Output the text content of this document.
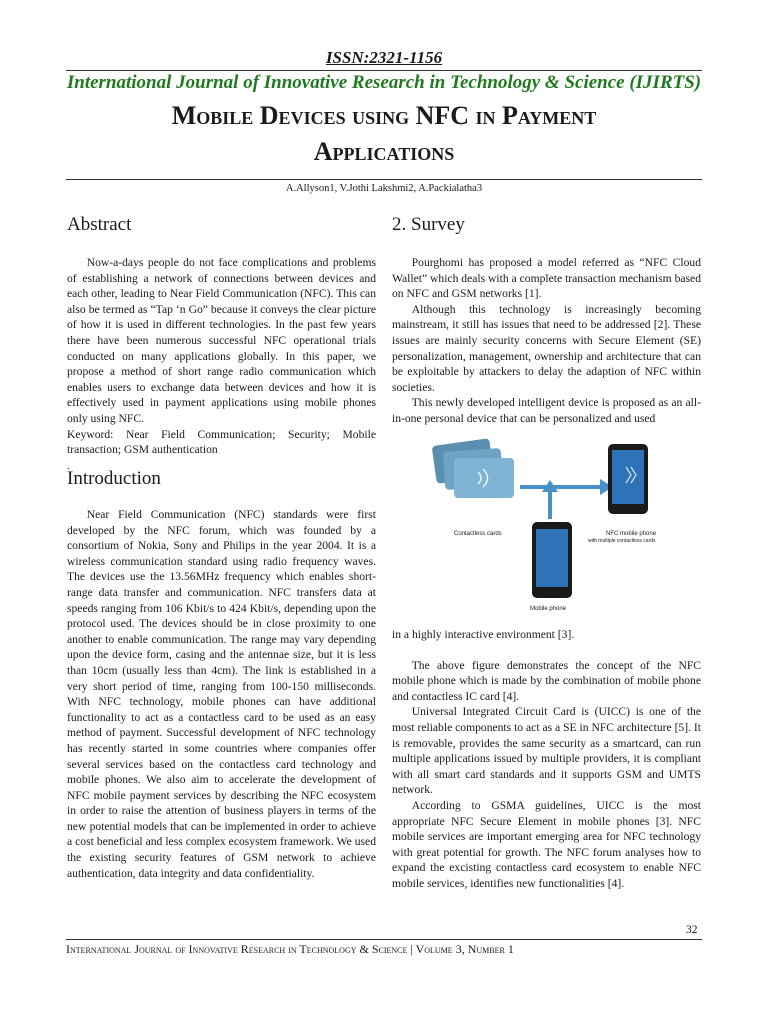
ISSN:2321-1156
International Journal of Innovative Research in Technology & Science (IJIRTS)
Mobile Devices using NFC in Payment
Applications
A.Allyson1, V.Jothi Lakshmi2, A.Packialatha3
Abstract

Now-a-days people do not face complications and problems of establishing a network of connections between devices and each other, leading to Near Field Communication (NFC). This can also be termed as “Tap ‘n Go” because it conveys the clear picture of how it is used in different technologies. In the past few years there have been numerous successful NFC operational trials conducted on many applications globally. In this paper, we propose a method of short range radio communication which enables users to exchange data between devices and how it is effectively used in payment applications using mobile phones only using NFC.

Keyword: Near Field Communication; Security; Mobile transaction; GSM authentication
.
Introduction

Near Field Communication (NFC) standards were first developed by the NFC forum, which was founded by a consortium of Nokia, Sony and Philips in the year 2004. It is a wireless communication standard using radio frequency waves. The devices use the 13.56MHz frequency which enables short-range data transfer and communication. NFC transfers data at speeds ranging from 106 Kbit/s to 424 Kbit/s, depending upon the protocol used. The devices should be in close proximity to one another to enable communication. The range may vary depending upon the device form, casing and the antennae size, but it is less than 10cm (usually less than 4cm). The link is established in a very short period of time, ranging from 100-150 milliseconds. With NFC technology, mobile phones can have additional functionality to act as a contactless card to be used as an easy method of payment. Successful development of NFC technology has recently started in some countries where companies offer several services based on the contactless card technology and mobile phones. We also aim to accelerate the development of NFC mobile payment services by describing the NFC ecosystem in order to raise the attention of business players in terms of the new potential models that can be implemented in order to achieve a cost beneficial and less complex ecosystem framework. We used the existing security features of GSM network to achieve authentication, data integrity and data confidentiality.

2. Survey

Pourghomi has proposed a model referred as “NFC Cloud Wallet” which deals with a complete transaction mechanism based on NFC and GSM networks [1].

Although this technology is increasingly becoming mainstream, it still has issues that need to be addressed [2]. These issues are mainly security concerns with Secure Element (SE) personalization, management, ownership and architecture that can be exploitable by attackers to delay the adaption of NFC within societies.

This newly developed intelligent device is proposed as an all-in-one personal device that can be personalized and used

Contactless cards	NFC mobile phone
with multiple contactless cards
Mobile phone
in a highly interactive environment [3].

The above figure demonstrates the concept of the NFC mobile phone which is made by the combination of mobile phone and contactless IC card [4].

Universal Integrated Circuit Card is (UICC) is one of the most reliable components to act as a SE in NFC architecture [5]. It is removable, provides the same security as a smartcard, can run multiple applications issued by multiple providers, it is compliant with all smart card standards and it supports GSM and UMTS network.

According to GSMA guidelines, UICC is the most appropriate NFC Secure Element in mobile phones [3]. NFC mobile services are important emerging area for NFC technology with great potential for growth. The NFC forum analyses how to expand the excisting contactless card ecosystem to enable NFC mobile services, identifies new functionalities [4].

32
International Journal of Innovative Research in Technology & Science | Volume 3, Number 1
